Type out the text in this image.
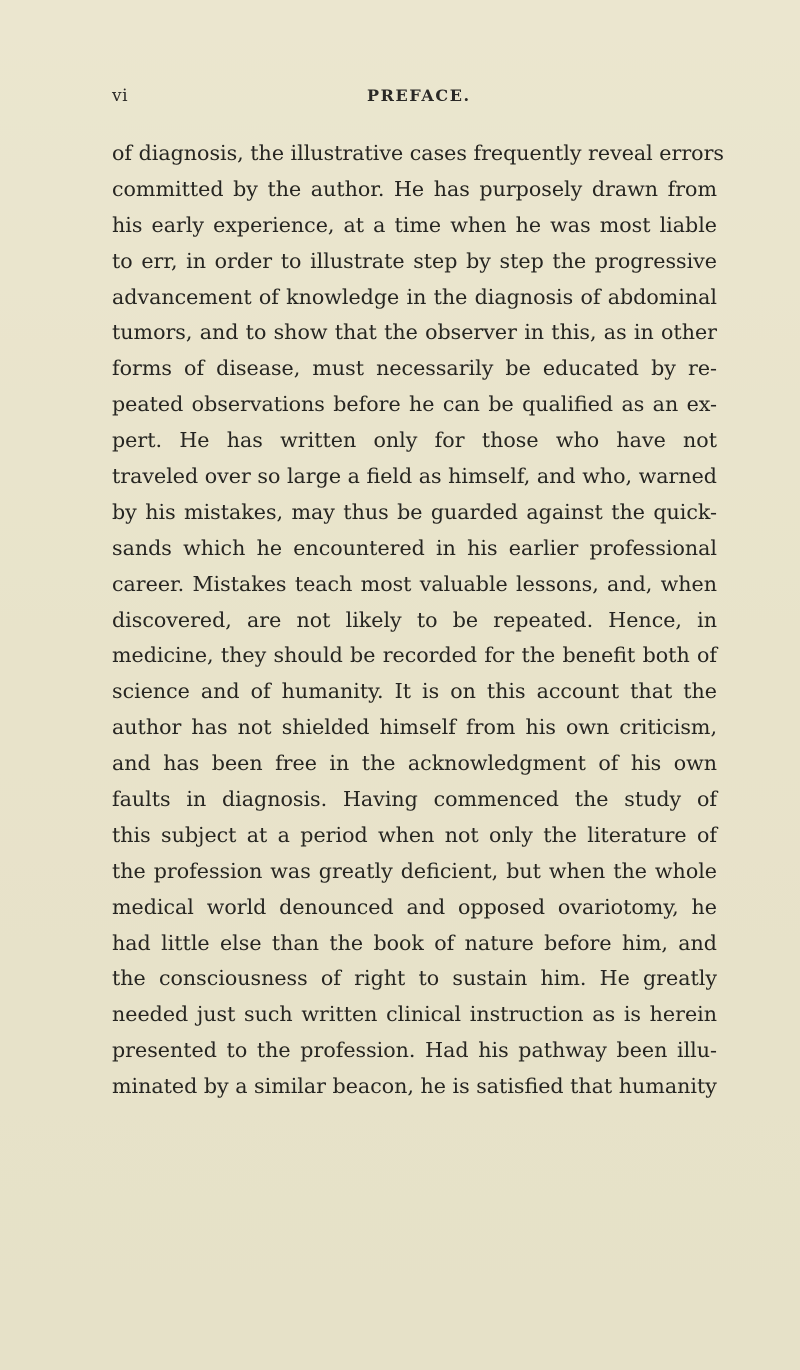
vi	PREFACE.
of diagnosis, the illustrative cases frequently reveal errors
committed by the author. He has purposely drawn from
his early experience, at a time when he was most liable
to err, in order to illustrate step by step the progressive
advancement of knowledge in the diagnosis of abdominal
tumors, and to show that the observer in this, as in other
forms of disease, must necessarily be educated by re-
peated observations before he can be qualified as an ex-
pert. He has written only for those who have not
traveled over so large a field as himself, and who, warned
by his mistakes, may thus be guarded against the quick-
sands which he encountered in his earlier professional
career. Mistakes teach most valuable lessons, and, when
discovered, are not likely to be repeated. Hence, in
medicine, they should be recorded for the benefit both of
science and of humanity. It is on this account that the
author has not shielded himself from his own criticism,
and has been free in the acknowledgment of his own
faults in diagnosis. Having commenced the study of
this subject at a period when not only the literature of
the profession was greatly deficient, but when the whole
medical world denounced and opposed ovariotomy, he
had little else than the book of nature before him, and
the consciousness of right to sustain him. He greatly
needed just such written clinical instruction as is herein
presented to the profession. Had his pathway been illu-
minated by a similar beacon, he is satisfied that humanity
